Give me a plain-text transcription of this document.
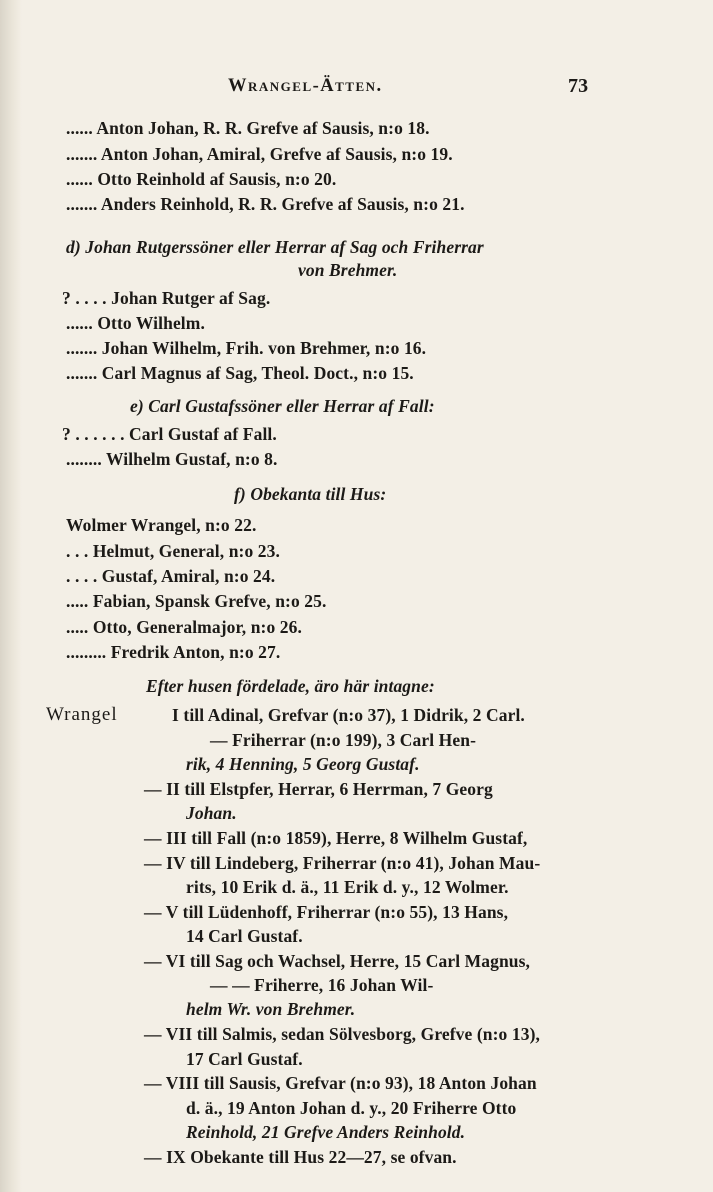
Wrangel-Ätten.	73
...... Anton Johan, R. R. Grefve af Sausis, n:o 18.
....... Anton Johan, Amiral, Grefve af Sausis, n:o 19.
...... Otto Reinhold af Sausis, n:o 20.
....... Anders Reinhold, R. R. Grefve af Sausis, n:o 21.
d) Johan Rutgerssöner eller Herrar af Sag och Friherrar
von Brehmer.
? . . . . Johan Rutger af Sag.
...... Otto Wilhelm.
....... Johan Wilhelm, Frih. von Brehmer, n:o 16.
....... Carl Magnus af Sag, Theol. Doct., n:o 15.
e) Carl Gustafssöner eller Herrar af Fall:
? . . . . . . Carl Gustaf af Fall.
........ Wilhelm Gustaf, n:o 8.
f) Obekanta till Hus:
Wolmer Wrangel, n:o 22.
. . . Helmut, General, n:o 23.
. . . . Gustaf, Amiral, n:o 24.
..... Fabian, Spansk Grefve, n:o 25.
..... Otto, Generalmajor, n:o 26.
......... Fredrik Anton, n:o 27.
Efter husen fördelade, äro här intagne:
Wrangel	I till Adinal, Grefvar (n:o 37), 1 Didrik, 2 Carl.
— Friherrar (n:o 199), 3 Carl Hen-
rik, 4 Henning, 5 Georg Gustaf.
— II till Elstpfer, Herrar, 6 Herrman, 7 Georg
Johan.
— III till Fall (n:o 1859), Herre, 8 Wilhelm Gustaf,
— IV till Lindeberg, Friherrar (n:o 41), Johan Mau-
rits, 10 Erik d. ä., 11 Erik d. y., 12 Wolmer.
— V till Lüdenhoff, Friherrar (n:o 55), 13 Hans,
14 Carl Gustaf.
— VI till Sag och Wachsel, Herre, 15 Carl Magnus,
— — Friherre, 16 Johan Wil-
helm Wr. von Brehmer.
— VII till Salmis, sedan Sölvesborg, Grefve (n:o 13),
17 Carl Gustaf.
— VIII till Sausis, Grefvar (n:o 93), 18 Anton Johan
d. ä., 19 Anton Johan d. y., 20 Friherre Otto
Reinhold, 21 Grefve Anders Reinhold.
— IX Obekante till Hus 22—27, se ofvan.
